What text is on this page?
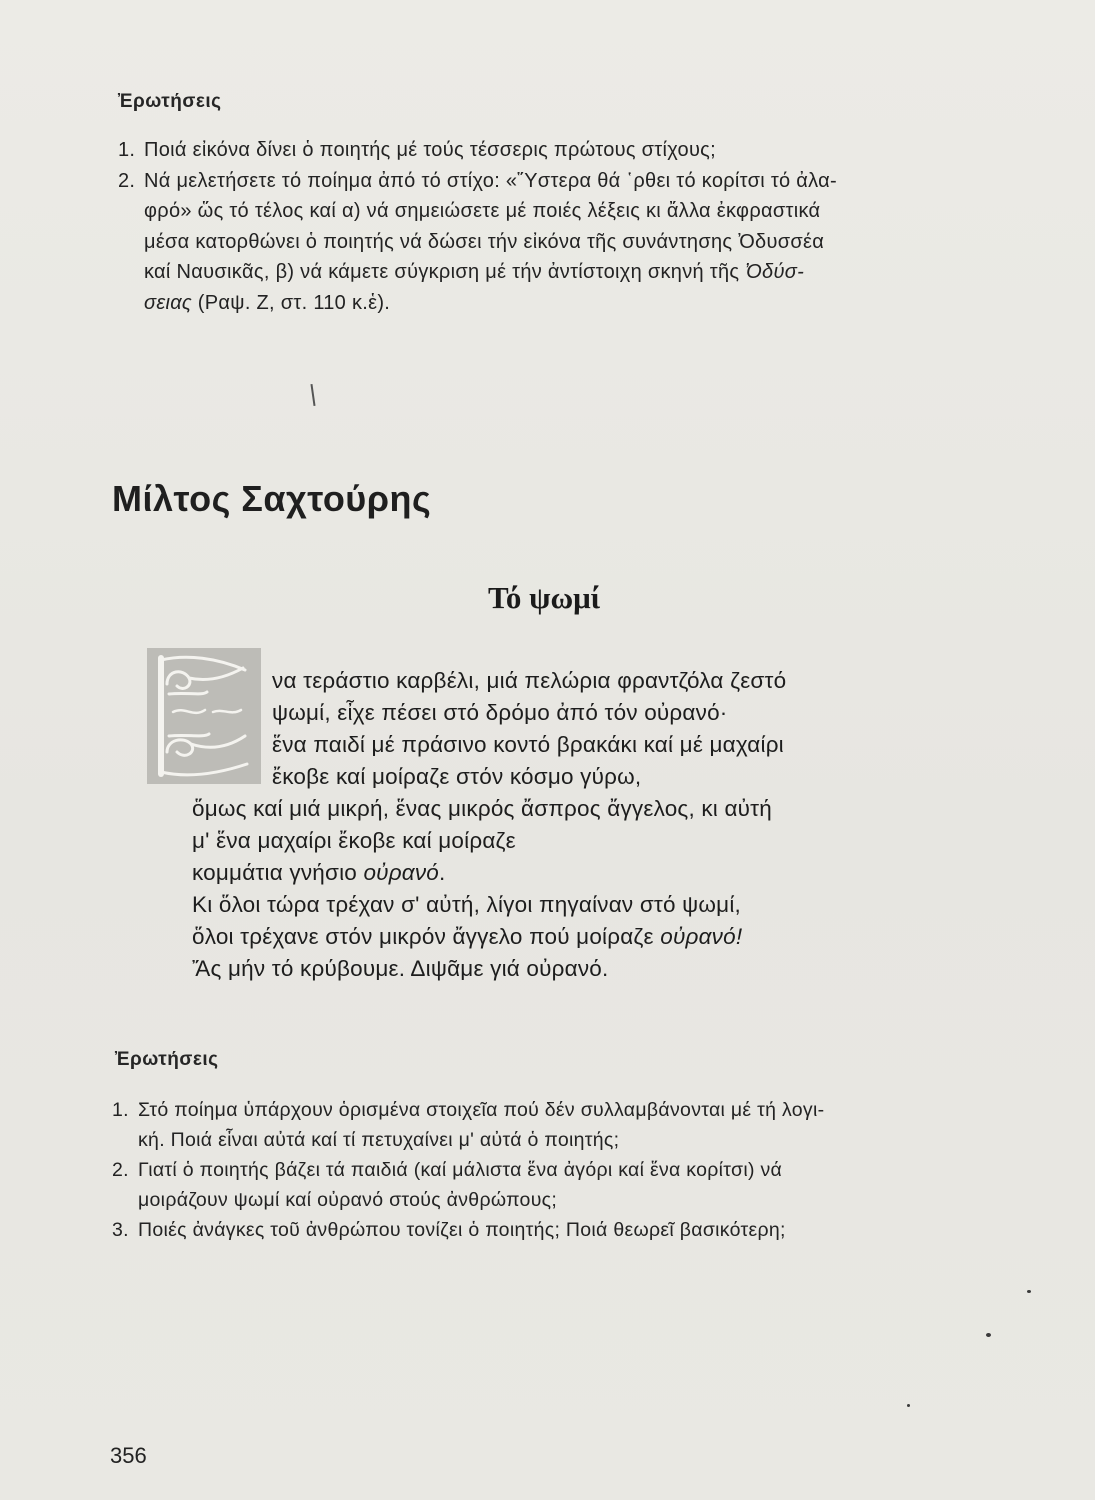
Ἐρωτήσεις
1. Ποιά εἰκόνα δίνει ὁ ποιητής μέ τούς τέσσερις πρώτους στίχους;
2. Νά μελετήσετε τό ποίημα ἀπό τό στίχο: «Ὕστερα θά ῾ρθει τό κορίτσι τό ἀλα-
φρό» ὥς τό τέλος καί α) νά σημειώσετε μέ ποιές λέξεις κι ἄλλα ἐκφραστικά
μέσα κατορθώνει ὁ ποιητής νά δώσει τήν εἰκόνα τῆς συνάντησης Ὀδυσσέα
καί Ναυσικᾶς, β) νά κάμετε σύγκριση μέ τήν ἀντίστοιχη σκηνή τῆς Ὀδύσ-
σειας (Ραψ. Ζ, στ. 110 κ.ἑ).
Μίλτος Σαχτούρης
Τό ψωμί
να τεράστιο καρβέλι, μιά πελώρια φραντζόλα ζεστό
ψωμί, εἶχε πέσει στό δρόμο ἀπό τόν οὐρανό·
ἕνα παιδί μέ πράσινο κοντό βρακάκι καί μέ μαχαίρι
ἔκοβε καί μοίραζε στόν κόσμο γύρω,
ὅμως καί μιά μικρή, ἕνας μικρός ἄσπρος ἄγγελος, κι αὐτή
μ' ἕνα μαχαίρι ἔκοβε καί μοίραζε
κομμάτια γνήσιο οὐρανό.
Κι ὅλοι τώρα τρέχαν σ' αὐτή, λίγοι πηγαίναν στό ψωμί,
ὅλοι τρέχανε στόν μικρόν ἄγγελο πού μοίραζε οὐρανό!
Ἄς μήν τό κρύβουμε. Διψᾶμε γιά οὐρανό.
Ἐρωτήσεις
1. Στό ποίημα ὑπάρχουν ὁρισμένα στοιχεῖα πού δέν συλλαμβάνονται μέ τή λογι-
κή. Ποιά εἶναι αὐτά καί τί πετυχαίνει μ' αὐτά ὁ ποιητής;
2. Γιατί ὁ ποιητής βάζει τά παιδιά (καί μάλιστα ἕνα ἀγόρι καί ἕνα κορίτσι) νά
μοιράζουν ψωμί καί οὐρανό στούς ἀνθρώπους;
3. Ποιές ἀνάγκες τοῦ ἀνθρώπου τονίζει ὁ ποιητής; Ποιά θεωρεῖ βασικότερη;
356
